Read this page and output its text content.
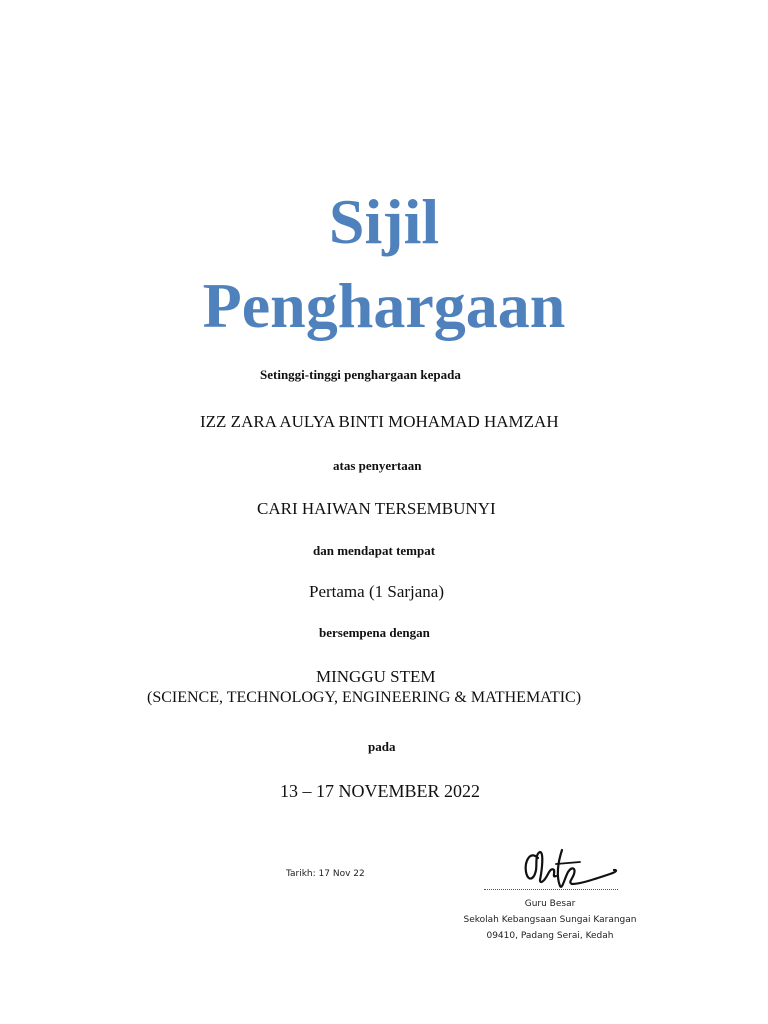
Sijil
Penghargaan
Setinggi-tinggi penghargaan kepada
IZZ ZARA AULYA BINTI MOHAMAD HAMZAH
atas penyertaan
CARI HAIWAN TERSEMBUNYI
dan mendapat tempat
Pertama (1 Sarjana)
bersempena dengan
MINGGU STEM
(SCIENCE, TECHNOLOGY, ENGINEERING & MATHEMATIC)
pada
13 – 17 NOVEMBER 2022
Tarikh: 17 Nov 22
Guru Besar
Sekolah Kebangsaan Sungai Karangan
09410, Padang Serai, Kedah
